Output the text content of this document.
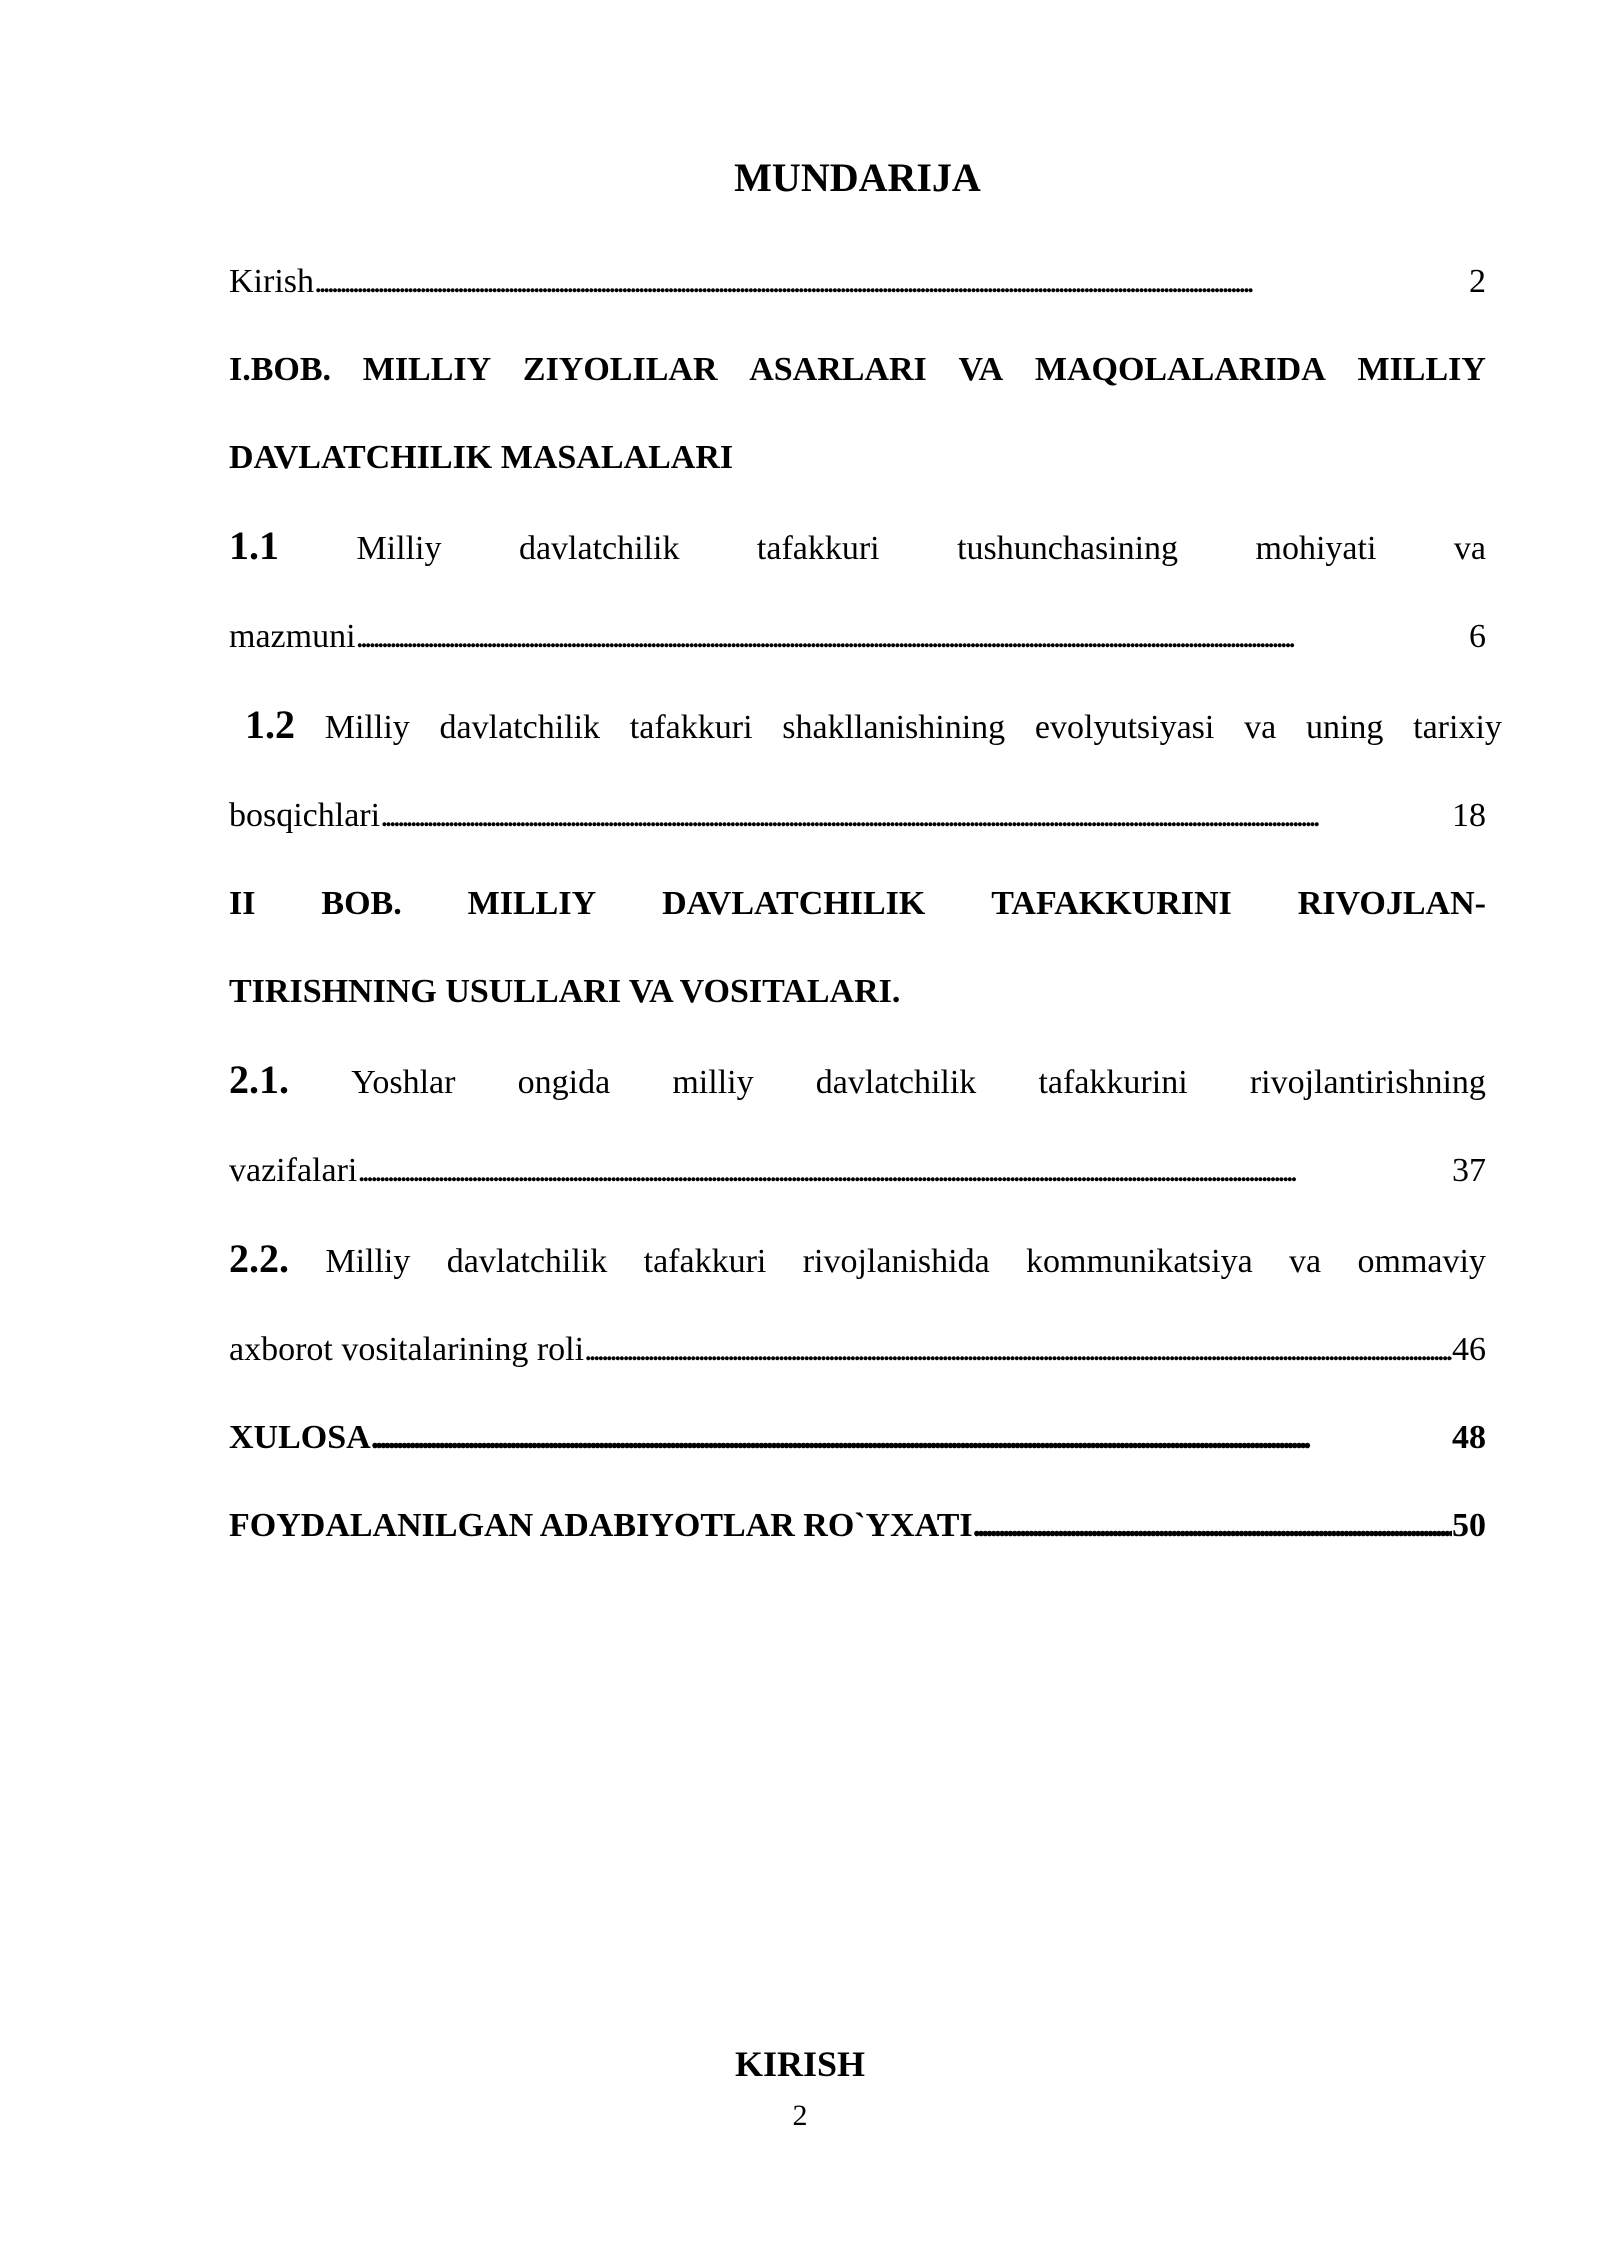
MUNDARIJA
Kirish . . .	2
I.BOB. MILLIY ZIYOLILAR ASARLARI VA MAQOLALARIDA MILLIY
DAVLATCHILIK MASALALARI
1.1 Milliy davlatchilik tafakkuri tushunchasining mohiyati va
mazmuni . . .	6
1.2 Milliy davlatchilik tafakkuri shakllanishining evolyutsiyasi va uning tarixiy
bosqichlari . . .	18
II BOB. MILLIY DAVLATCHILIK TAFAKKURINI RIVOJLAN-
TIRISHNING USULLARI VA VOSITALARI.
2.1. Yoshlar ongida milliy davlatchilik tafakkurini rivojlantirishning
vazifalari . . .	37
2.2. Milliy davlatchilik tafakkuri rivojlanishida kommunikatsiya va ommaviy
axborot vositalarining roli . . .	46
XULOSA . . .	48
FOYDALANILGAN ADABIYOTLAR RO`YXATI . . .	50
KIRISH
2
